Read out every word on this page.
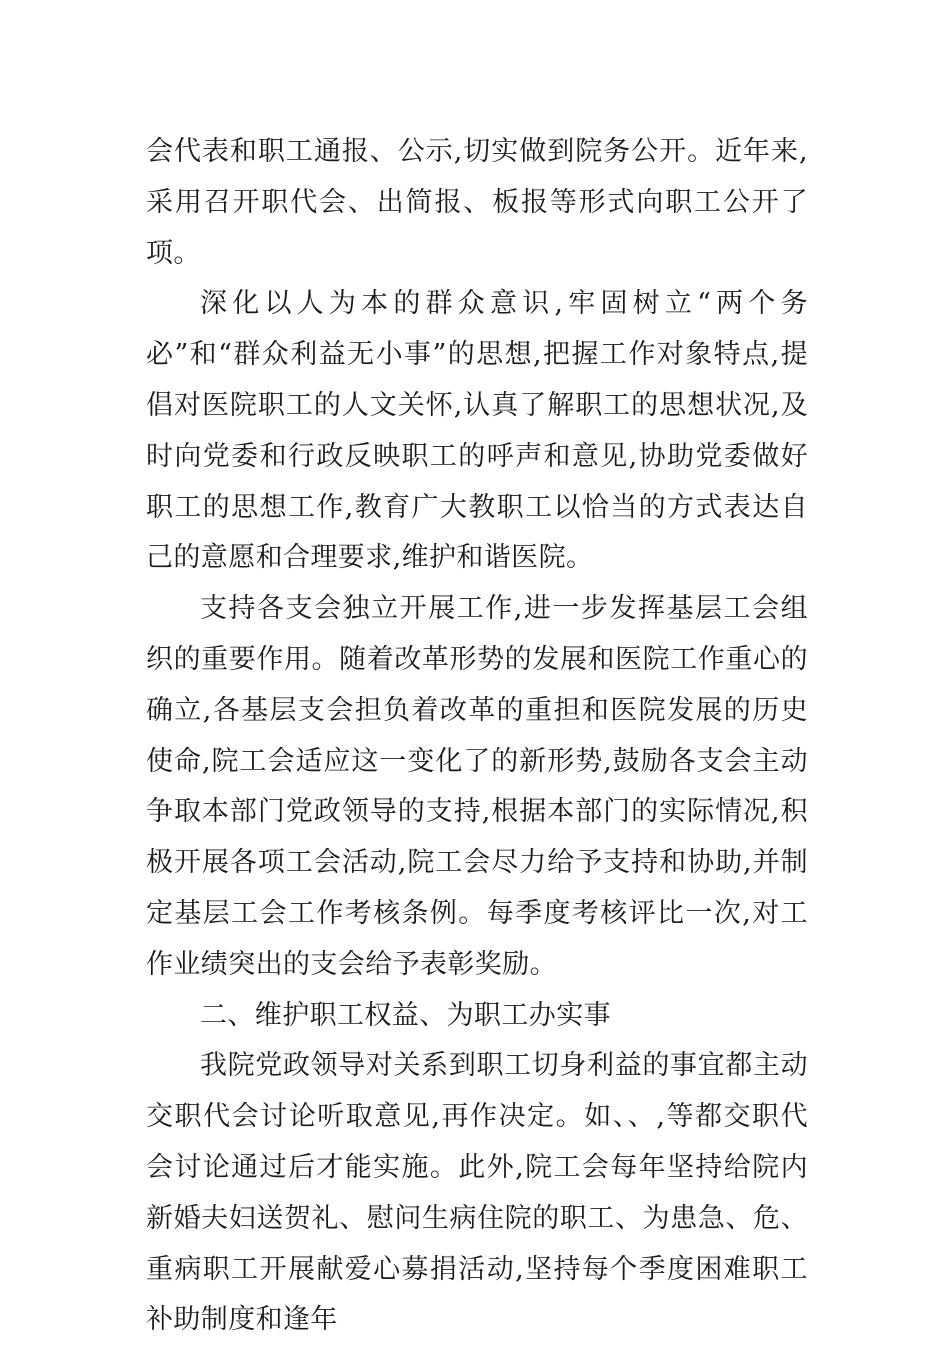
会代表和职工通报、公示,切实做到院务公开。近年来,采用召开职代会、出简报、板报等形式向职工公开了项。

深化以人为本的群众意识,牢固树立“两个务必”和“群众利益无小事”的思想,把握工作对象特点,提倡对医院职工的人文关怀,认真了解职工的思想状况,及时向党委和行政反映职工的呼声和意见,协助党委做好职工的思想工作,教育广大教职工以恰当的方式表达自己的意愿和合理要求,维护和谐医院。

支持各支会独立开展工作,进一步发挥基层工会组织的重要作用。随着改革形势的发展和医院工作重心的确立,各基层支会担负着改革的重担和医院发展的历史使命,院工会适应这一变化了的新形势,鼓励各支会主动争取本部门党政领导的支持,根据本部门的实际情况,积极开展各项工会活动,院工会尽力给予支持和协助,并制定基层工会工作考核条例。每季度考核评比一次,对工作业绩突出的支会给予表彰奖励。

二、维护职工权益、为职工办实事

我院党政领导对关系到职工切身利益的事宜都主动交职代会讨论听取意见,再作决定。如、、,等都交职代会讨论通过后才能实施。此外,院工会每年坚持给院内新婚夫妇送贺礼、慰问生病住院的职工、为患急、危、重病职工开展献爱心募捐活动,坚持每个季度困难职工补助制度和逢年
